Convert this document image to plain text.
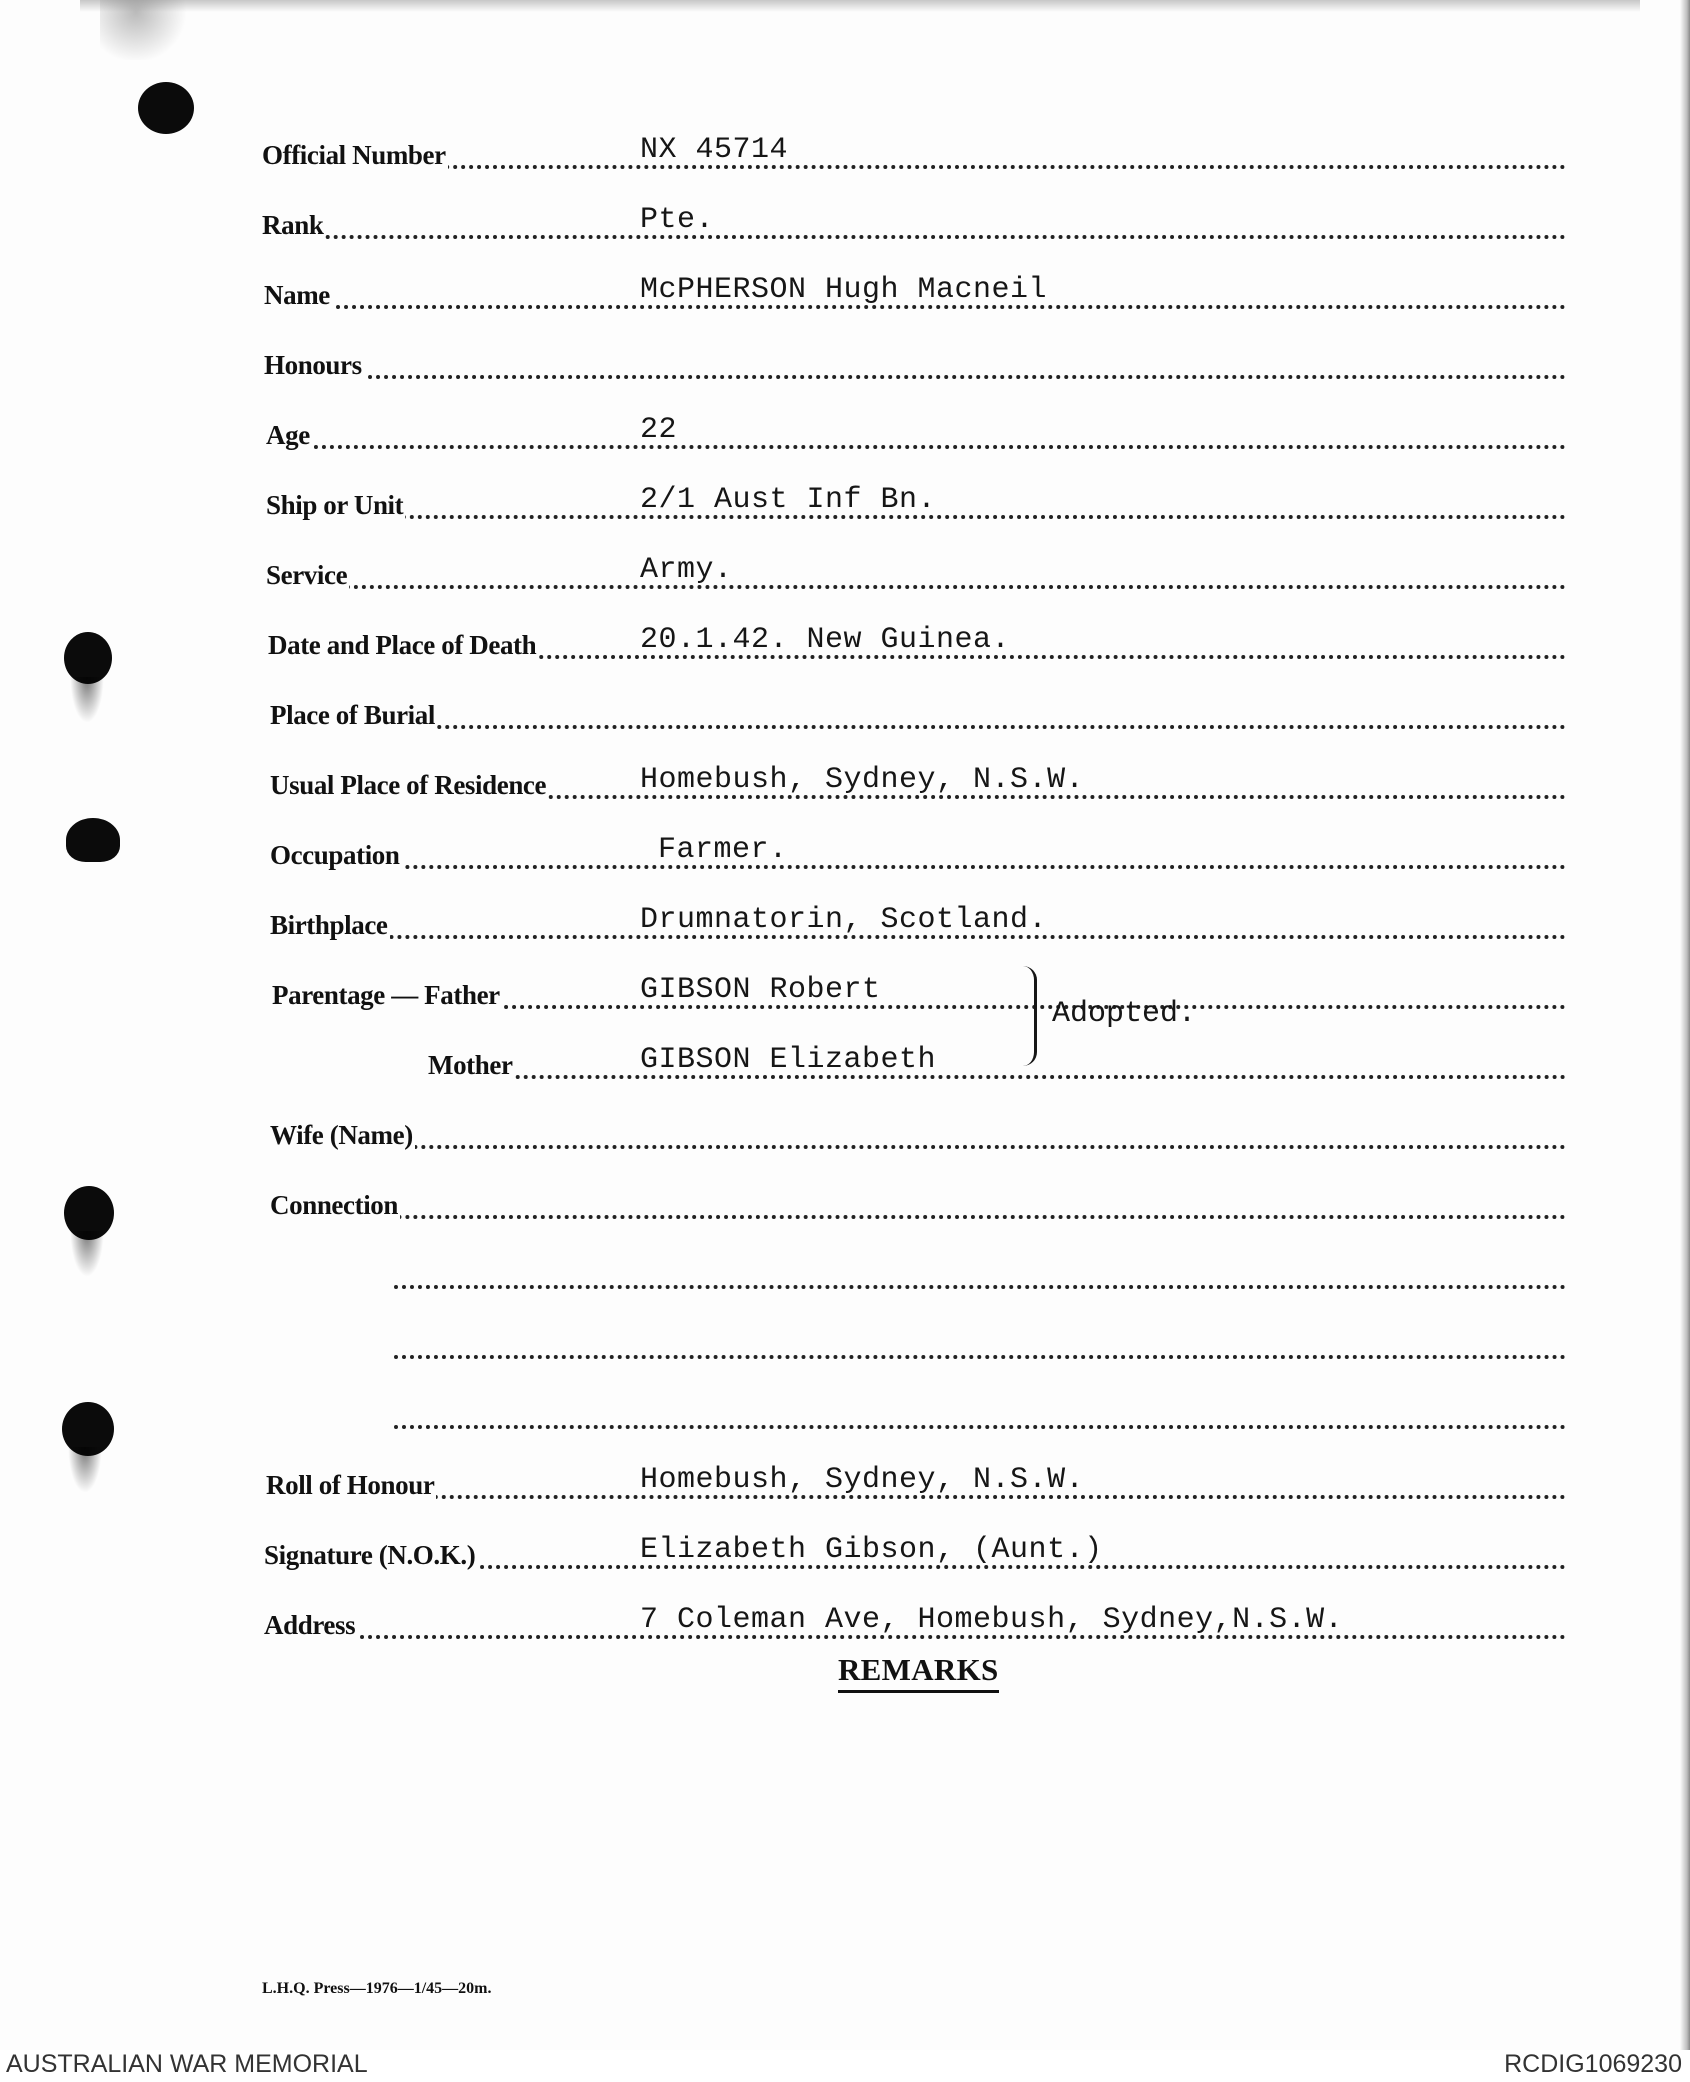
Official Number	NX 45714
Rank	Pte.
Name	McPHERSON Hugh Macneil
Honours
Age	22
Ship or Unit	2/1 Aust Inf Bn.
Service	Army.
Date and Place of Death	20.1.42. New Guinea.
Place of Burial
Usual Place of Residence	Homebush, Sydney, N.S.W.
Occupation	Farmer.
Birthplace	Drumnatorin, Scotland.
Parentage — Father	GIBSON Robert
Mother	GIBSON Elizabeth
Adopted.
Wife (Name)
Connection
Roll of Honour	Homebush, Sydney, N.S.W.
Signature (N.O.K.)	Elizabeth Gibson, (Aunt.)
Address	7 Coleman Ave, Homebush, Sydney,N.S.W.
REMARKS
L.H.Q. Press—1976—1/45—20m.
AUSTRALIAN WAR MEMORIAL	RCDIG1069230
